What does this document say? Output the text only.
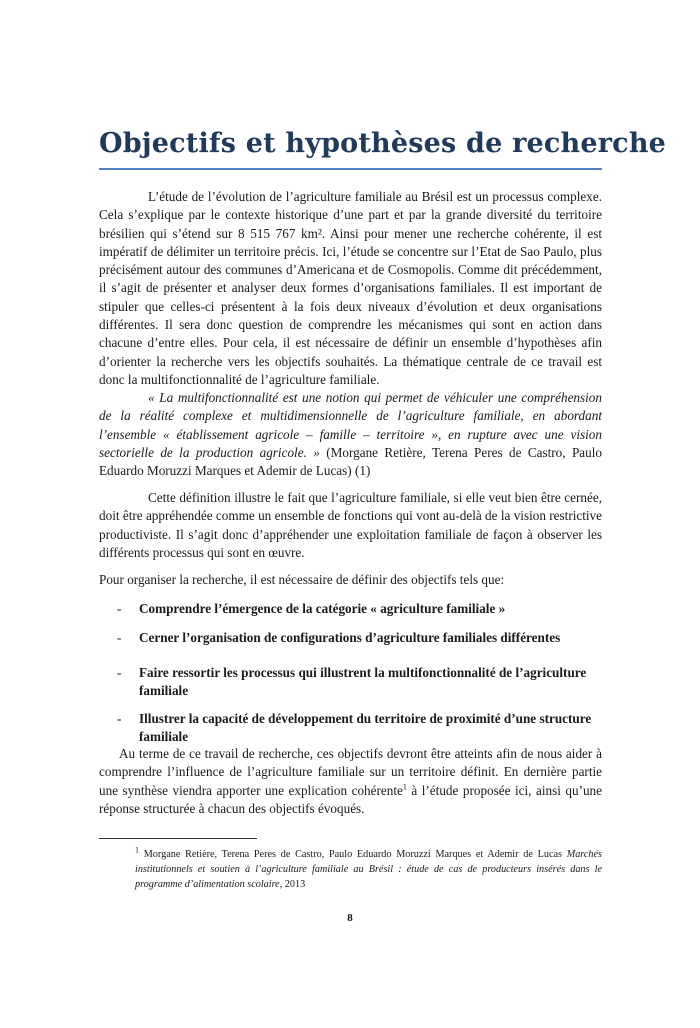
Objectifs et hypothèses de recherche

L’étude de l’évolution de l’agriculture familiale au Brésil est un processus complexe. Cela s’explique par le contexte historique d’une part et par la grande diversité du territoire brésilien qui s’étend sur 8 515 767 km². Ainsi pour mener une recherche cohérente, il est impératif de délimiter un territoire précis. Ici, l’étude se concentre sur l’Etat de Sao Paulo, plus précisément autour des communes d’Americana et de Cosmopolis. Comme dit précédemment, il s’agit de présenter et analyser deux formes d’organisations familiales. Il est important de stipuler que celles-ci présentent à la fois deux niveaux d’évolution et deux organisations différentes. Il sera donc question de comprendre les mécanismes qui sont en action dans chacune d’entre elles. Pour cela, il est nécessaire de définir un ensemble d’hypothèses afin d’orienter la recherche vers les objectifs souhaités. La thématique centrale de ce travail est donc la multifonctionnalité de l’agriculture familiale.

« La multifonctionnalité est une notion qui permet de véhiculer une compréhension de la réalité complexe et multidimensionnelle de l’agriculture familiale, en abordant l’ensemble « établissement agricole – famille – territoire », en rupture avec une vision sectorielle de la production agricole. » (Morgane Retière, Terena Peres de Castro, Paulo Eduardo Moruzzi Marques et Ademir de Lucas) (1)

Cette définition illustre le fait que l’agriculture familiale, si elle veut bien être cernée, doit être appréhendée comme un ensemble de fonctions qui vont au-delà de la vision restrictive productiviste. Il s’agit donc d’appréhender une exploitation familiale de façon à observer les différents processus qui sont en œuvre.

Pour organiser la recherche, il est nécessaire de définir des objectifs tels que:

- Comprendre l’émergence de la catégorie « agriculture familiale »
- Cerner l’organisation de configurations d’agriculture familiales différentes
- Faire ressortir les processus qui illustrent la multifonctionnalité de l’agriculture familiale
- Illustrer la capacité de développement du territoire de proximité d’une structure familiale

Au terme de ce travail de recherche, ces objectifs devront être atteints afin de nous aider à comprendre l’influence de l’agriculture familiale sur un territoire définit. En dernière partie une synthèse viendra apporter une explication cohérente$^1$ à l’étude proposée ici, ainsi qu’une réponse structurée à chacun des objectifs évoqués.

$^1$ Morgane Retière, Terena Peres de Castro, Paulo Eduardo Moruzzi Marques et Ademir de Lucas Marchés institutionnels et soutien à l’agriculture familiale au Brésil : étude de cas de producteurs insérés dans le programme d’alimentation scolaire, 2013

8
